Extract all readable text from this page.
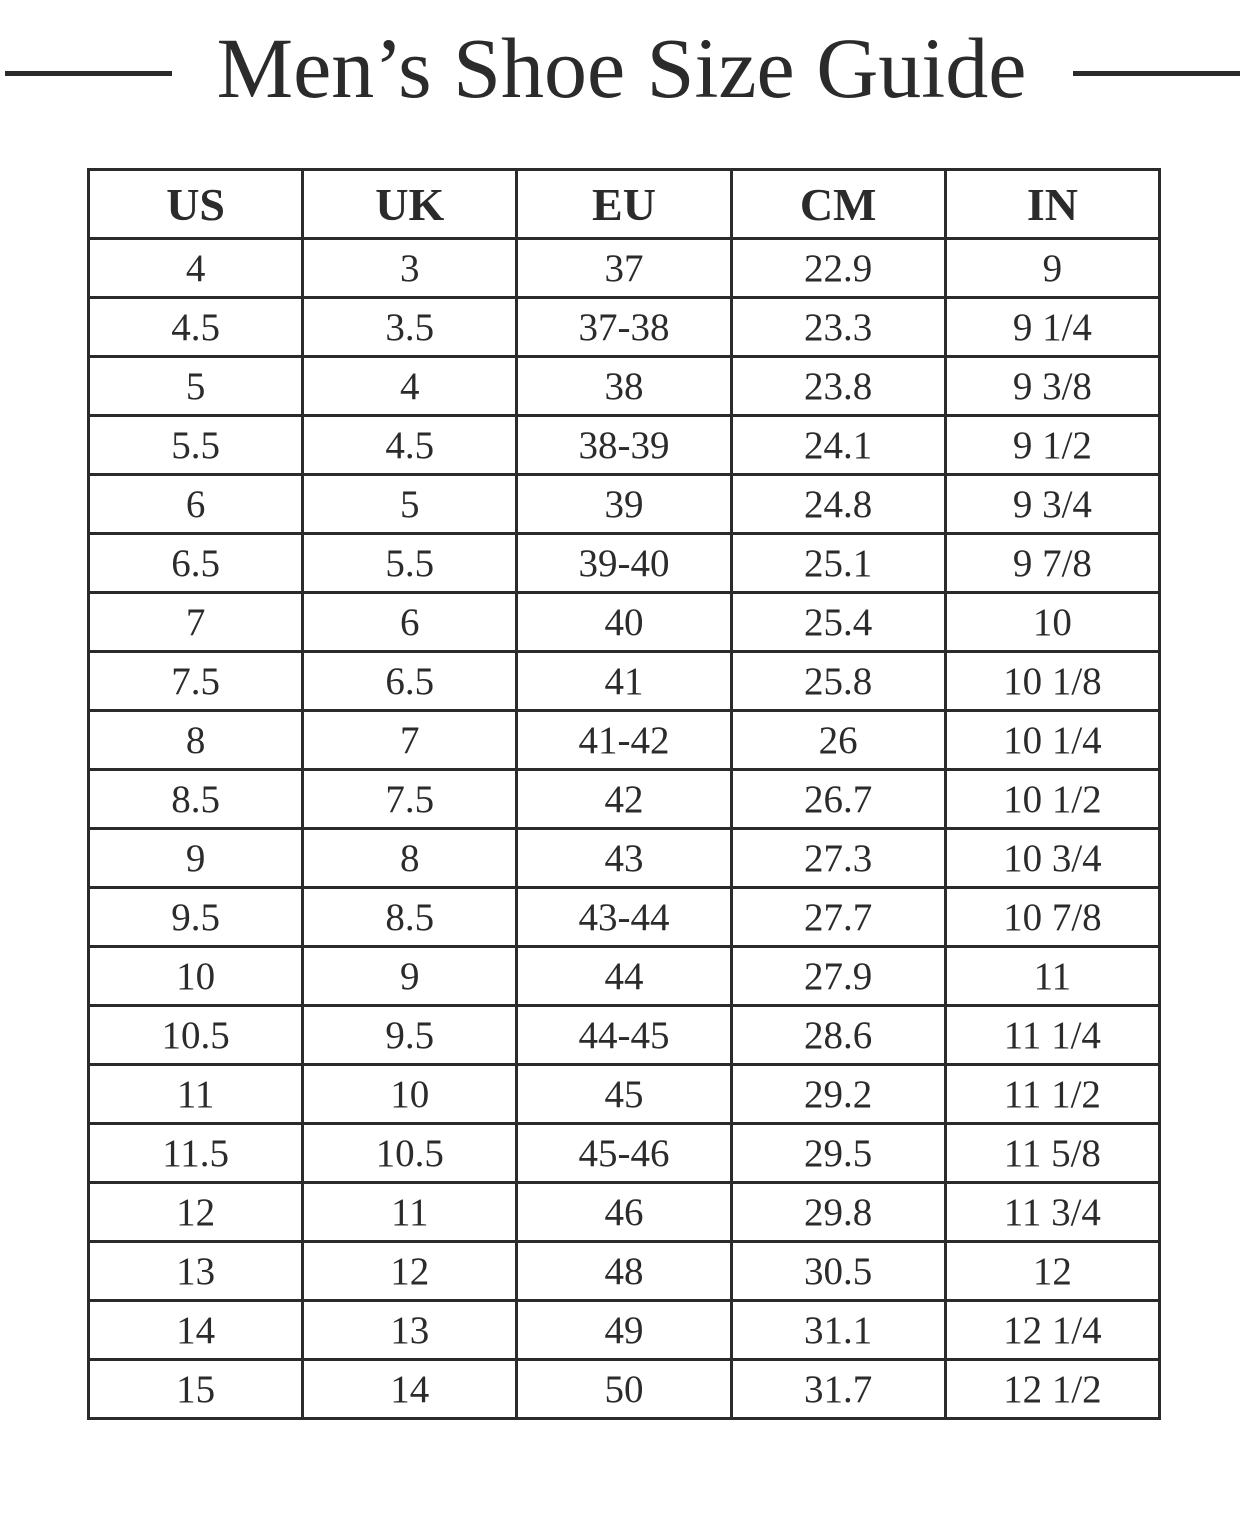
Men’s Shoe Size Guide
US	UK	EU	CM	IN
4	3	37	22.9	9
4.5	3.5	37-38	23.3	9 1/4
5	4	38	23.8	9 3/8
5.5	4.5	38-39	24.1	9 1/2
6	5	39	24.8	9 3/4
6.5	5.5	39-40	25.1	9 7/8
7	6	40	25.4	10
7.5	6.5	41	25.8	10 1/8
8	7	41-42	26	10 1/4
8.5	7.5	42	26.7	10 1/2
9	8	43	27.3	10 3/4
9.5	8.5	43-44	27.7	10 7/8
10	9	44	27.9	11
10.5	9.5	44-45	28.6	11 1/4
11	10	45	29.2	11 1/2
11.5	10.5	45-46	29.5	11 5/8
12	11	46	29.8	11 3/4
13	12	48	30.5	12
14	13	49	31.1	12 1/4
15	14	50	31.7	12 1/2
